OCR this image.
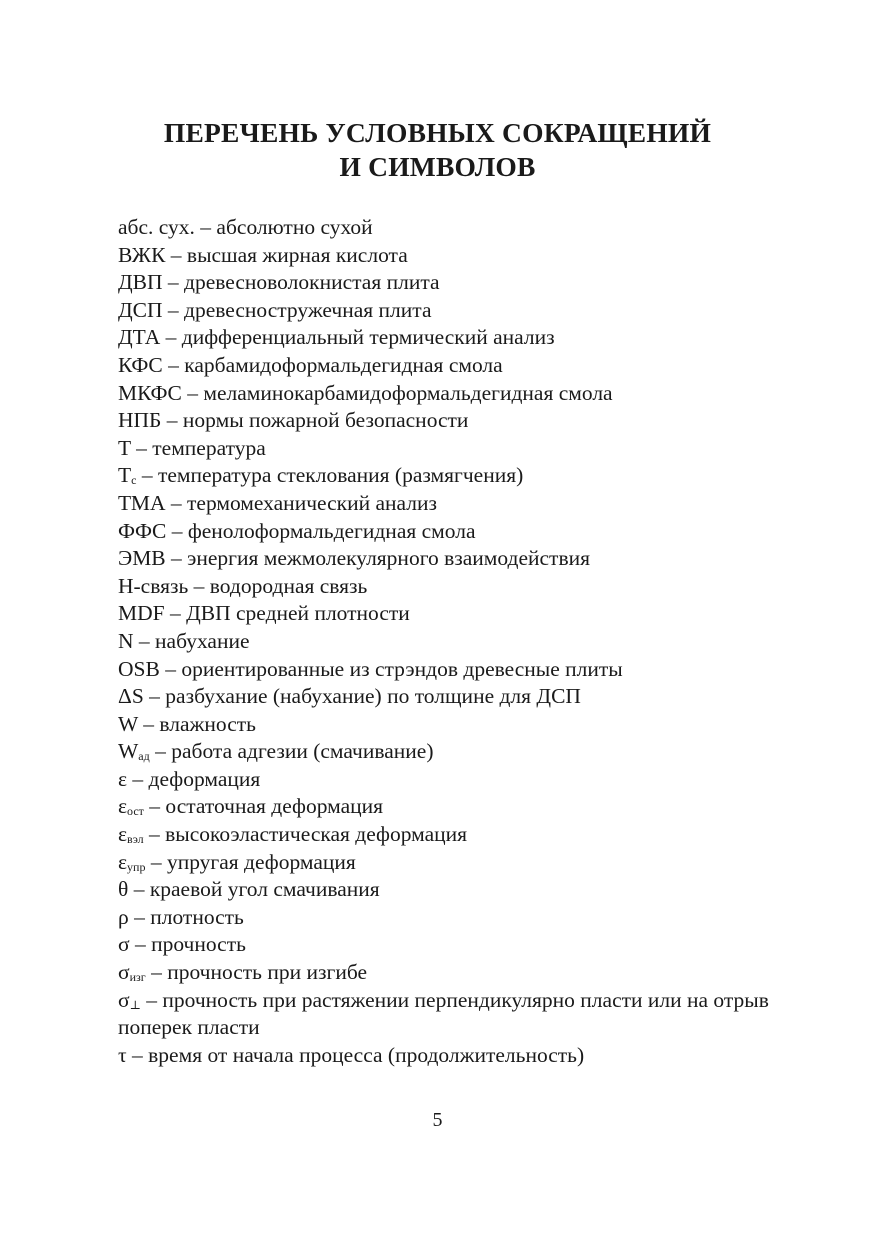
ПЕРЕЧЕНЬ УСЛОВНЫХ СОКРАЩЕНИЙ
И СИМВОЛОВ
абс. сух. – абсолютно сухой
ВЖК – высшая жирная кислота
ДВП – древесноволокнистая плита
ДСП – древесностружечная плита
ДТА – дифференциальный термический анализ
КФС – карбамидоформальдегидная смола
МКФС – меламинокарбамидоформальдегидная смола
НПБ – нормы пожарной безопасности
T – температура
Tc – температура стеклования (размягчения)
ТМА – термомеханический анализ
ФФС – фенолоформальдегидная смола
ЭМВ – энергия межмолекулярного взаимодействия
Н-связь – водородная связь
MDF – ДВП средней плотности
N – набухание
OSB – ориентированные из стрэндов древесные плиты
ΔS – разбухание (набухание) по толщине для ДСП
W – влажность
Wад – работа адгезии (смачивание)
ε – деформация
εост – остаточная деформация
εвэл – высокоэластическая деформация
εупр – упругая деформация
θ – краевой угол смачивания
ρ – плотность
σ – прочность
σизг – прочность при изгибе
σ⊥ – прочность при растяжении перпендикулярно пласти или на отрыв поперек пласти
τ – время от начала процесса (продолжительность)
5
